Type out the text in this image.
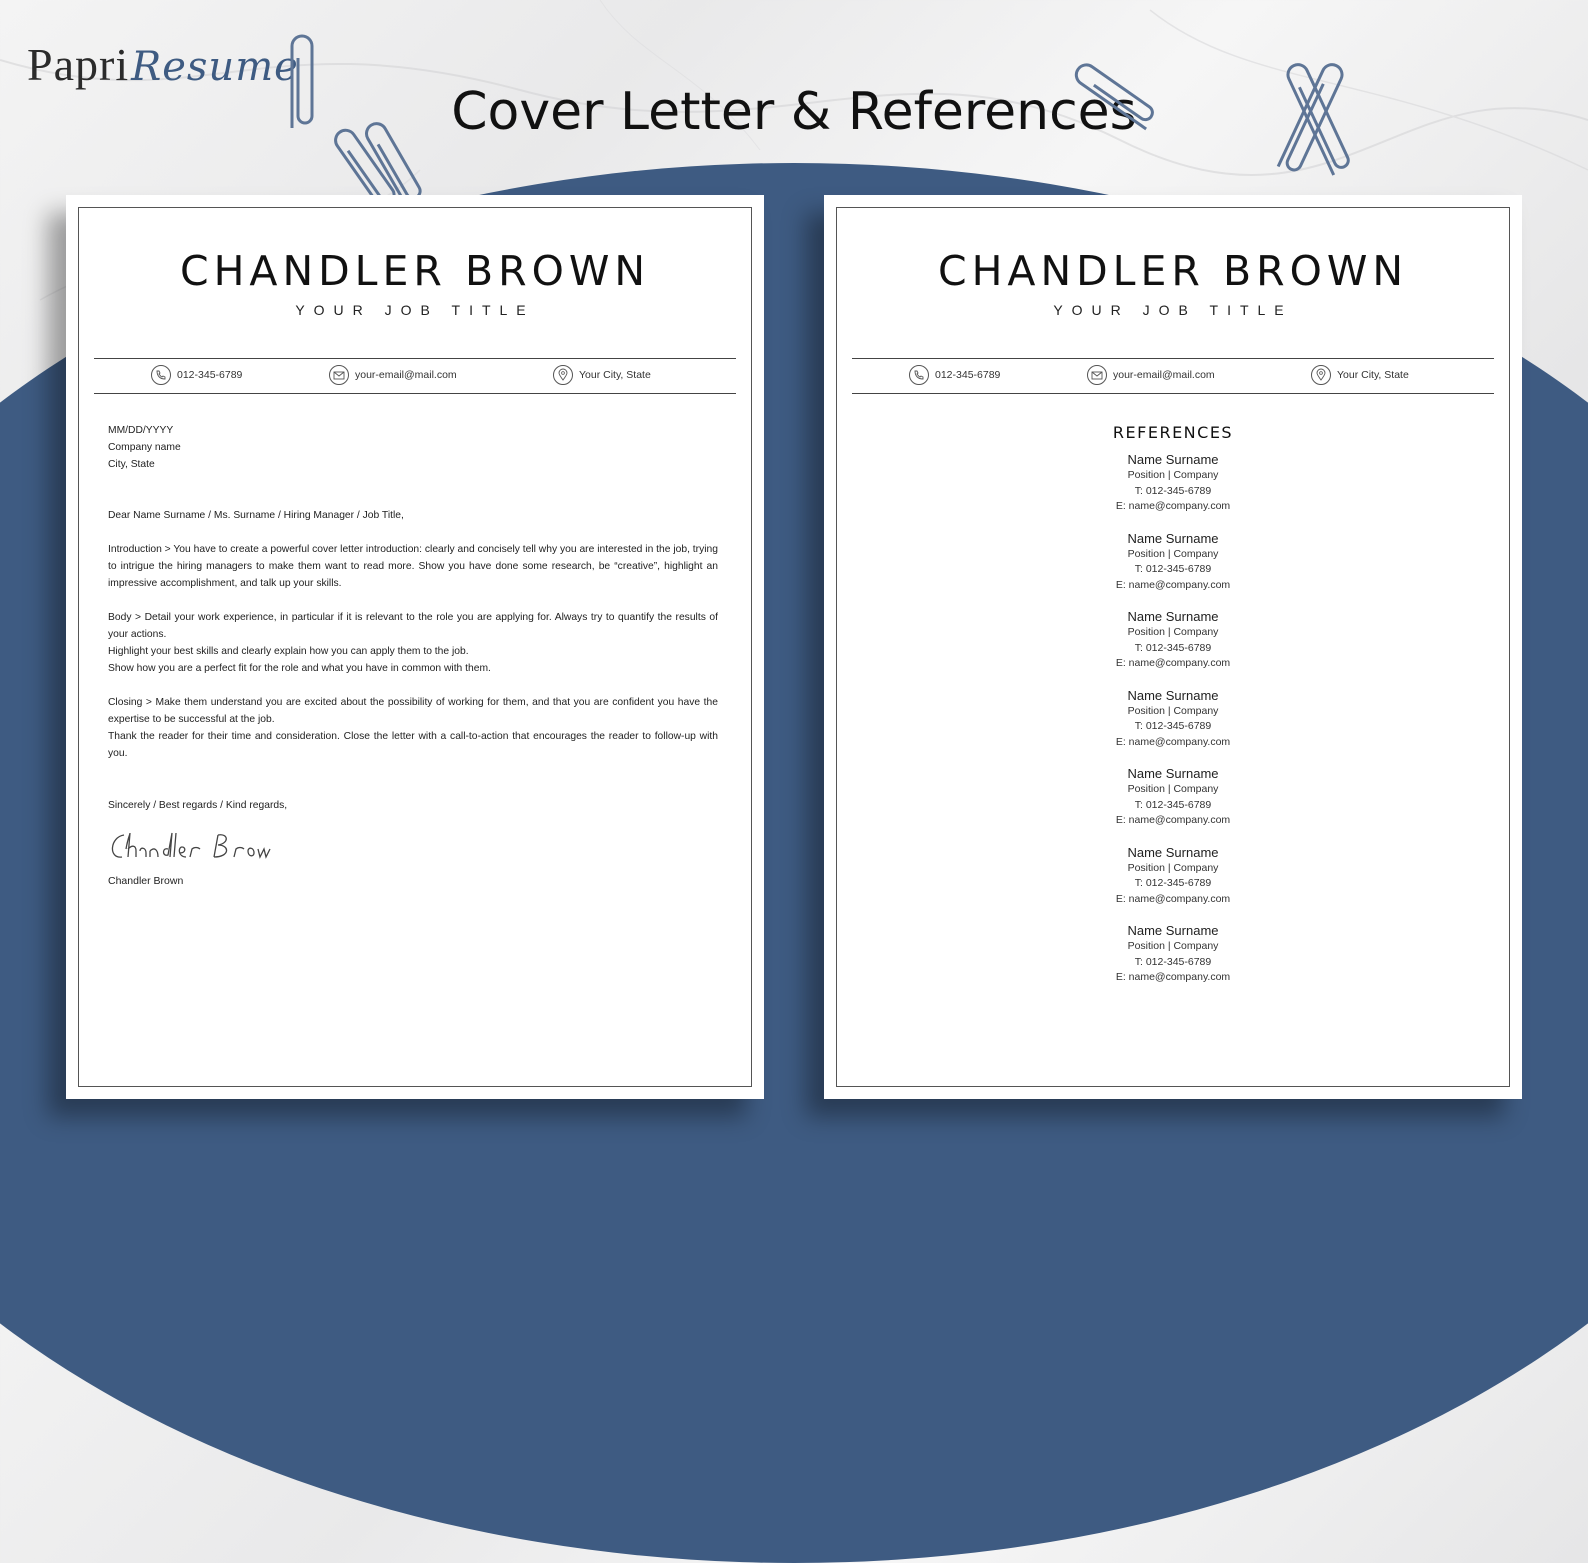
PapriResume
Cover Letter & References
CHANDLER BROWN
YOUR JOB TITLE
012-345-6789	your-email@mail.com	Your City, State

MM/DD/YYYY

Company name

City, State

Dear Name Surname / Ms. Surname / Hiring Manager / Job Title,

Introduction > You have to create a powerful cover letter introduction: clearly and concisely tell why you are interested in the job, trying to intrigue the hiring managers to make them want to read more. Show you have done some research, be “creative”, highlight an impressive accomplishment, and talk up your skills.

Body > Detail your work experience, in particular if it is relevant to the role you are applying for. Always try to quantify the results of your actions.

Highlight your best skills and clearly explain how you can apply them to the job.

Show how you are a perfect fit for the role and what you have in common with them.

Closing > Make them understand you are excited about the possibility of working for them, and that you are confident you have the expertise to be successful at the job.

Thank the reader for their time and consideration. Close the letter with a call-to-action that encourages the reader to follow-up with you.

Sincerely / Best regards / Kind regards,

Chandler Brown
CHANDLER BROWN
YOUR JOB TITLE
012-345-6789	your-email@mail.com	Your City, State
REFERENCES
Name Surname
Position | Company
T: 012-345-6789
E: name@company.com
Name Surname
Position | Company
T: 012-345-6789
E: name@company.com
Name Surname
Position | Company
T: 012-345-6789
E: name@company.com
Name Surname
Position | Company
T: 012-345-6789
E: name@company.com
Name Surname
Position | Company
T: 012-345-6789
E: name@company.com
Name Surname
Position | Company
T: 012-345-6789
E: name@company.com
Name Surname
Position | Company
T: 012-345-6789
E: name@company.com
